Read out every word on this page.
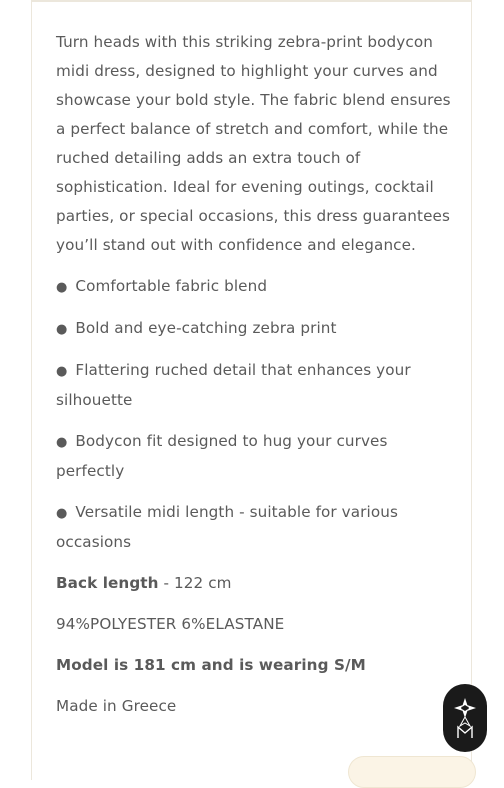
Turn heads with this striking zebra-print bodycon midi dress, designed to highlight your curves and showcase your bold style. The fabric blend ensures a perfect balance of stretch and comfort, while the ruched detailing adds an extra touch of sophistication. Ideal for evening outings, cocktail parties, or special occasions, this dress guarantees you’ll stand out with confidence and elegance.

● Comfortable fabric blend

● Bold and eye-catching zebra print

● Flattering ruched detail that enhances your silhouette

● Bodycon fit designed to hug your curves perfectly

● Versatile midi length - suitable for various occasions

Back length - 122 cm

94%POLYESTER 6%ELASTANE

Model is 181 cm and is wearing S/M

Made in Greece
